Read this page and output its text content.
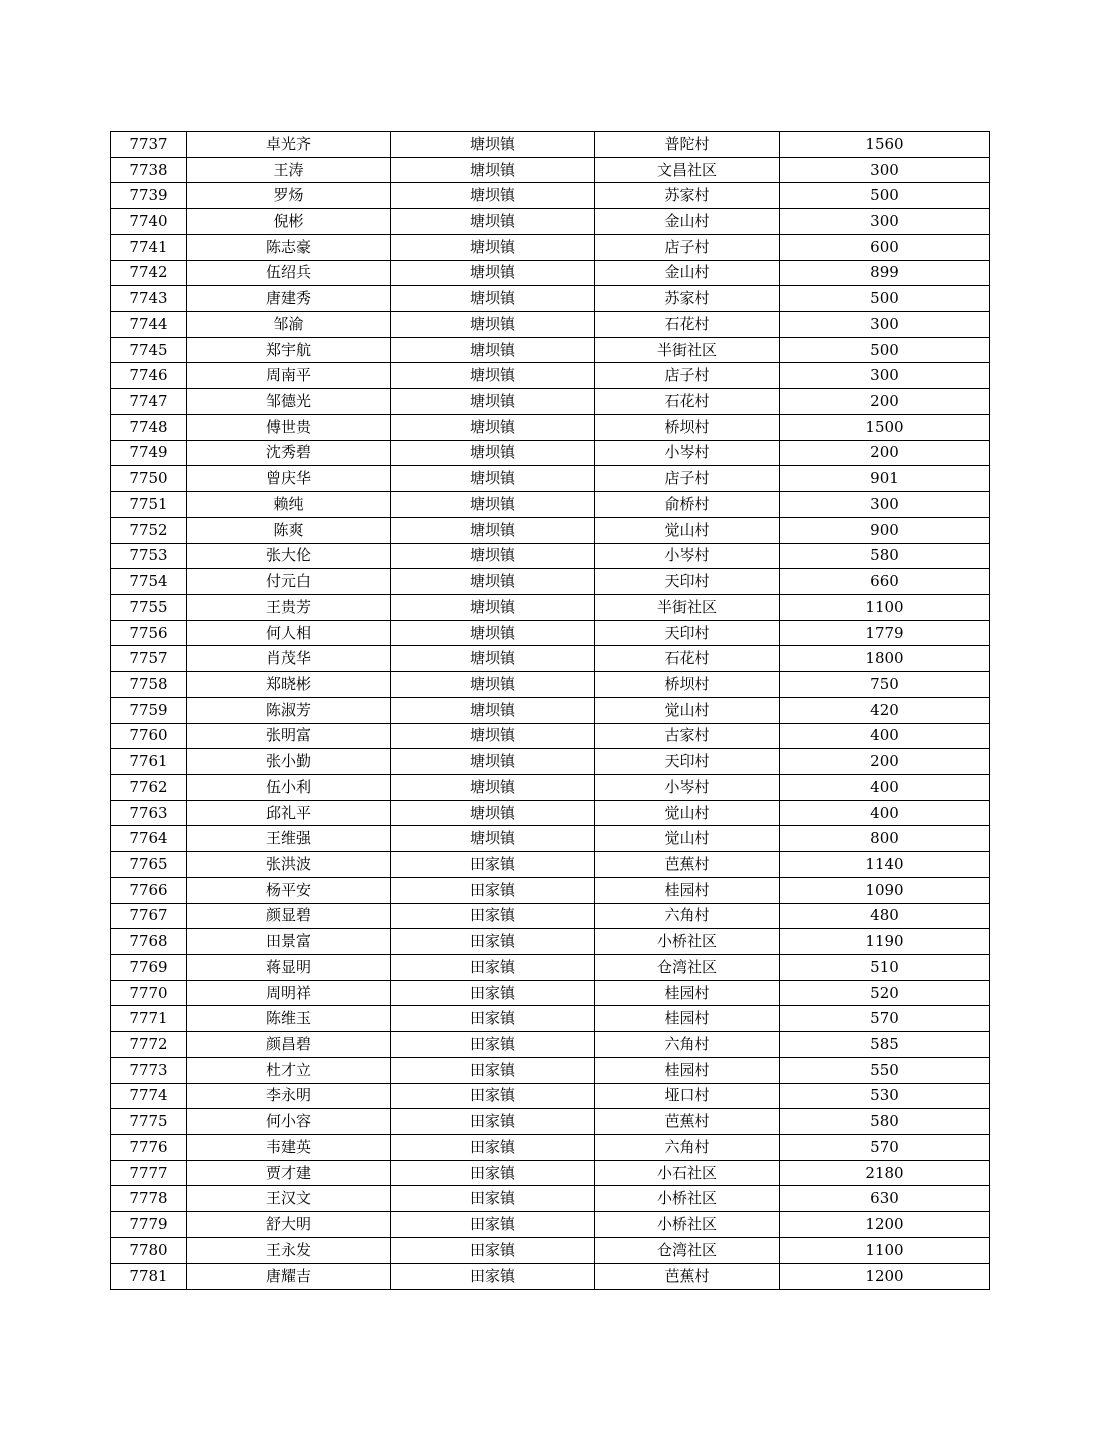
7737	卓光齐	塘坝镇	普陀村	1560
7738	王涛	塘坝镇	文昌社区	300
7739	罗炀	塘坝镇	苏家村	500
7740	倪彬	塘坝镇	金山村	300
7741	陈志豪	塘坝镇	店子村	600
7742	伍绍兵	塘坝镇	金山村	899
7743	唐建秀	塘坝镇	苏家村	500
7744	邹渝	塘坝镇	石花村	300
7745	郑宇航	塘坝镇	半街社区	500
7746	周南平	塘坝镇	店子村	300
7747	邹德光	塘坝镇	石花村	200
7748	傅世贵	塘坝镇	桥坝村	1500
7749	沈秀碧	塘坝镇	小岑村	200
7750	曾庆华	塘坝镇	店子村	901
7751	赖纯	塘坝镇	俞桥村	300
7752	陈爽	塘坝镇	觉山村	900
7753	张大伦	塘坝镇	小岑村	580
7754	付元白	塘坝镇	天印村	660
7755	王贵芳	塘坝镇	半街社区	1100
7756	何人相	塘坝镇	天印村	1779
7757	肖茂华	塘坝镇	石花村	1800
7758	郑晓彬	塘坝镇	桥坝村	750
7759	陈淑芳	塘坝镇	觉山村	420
7760	张明富	塘坝镇	古家村	400
7761	张小勤	塘坝镇	天印村	200
7762	伍小利	塘坝镇	小岑村	400
7763	邱礼平	塘坝镇	觉山村	400
7764	王维强	塘坝镇	觉山村	800
7765	张洪波	田家镇	芭蕉村	1140
7766	杨平安	田家镇	桂园村	1090
7767	颜显碧	田家镇	六角村	480
7768	田景富	田家镇	小桥社区	1190
7769	蒋显明	田家镇	仓湾社区	510
7770	周明祥	田家镇	桂园村	520
7771	陈维玉	田家镇	桂园村	570
7772	颜昌碧	田家镇	六角村	585
7773	杜才立	田家镇	桂园村	550
7774	李永明	田家镇	垭口村	530
7775	何小容	田家镇	芭蕉村	580
7776	韦建英	田家镇	六角村	570
7777	贾才建	田家镇	小石社区	2180
7778	王汉文	田家镇	小桥社区	630
7779	舒大明	田家镇	小桥社区	1200
7780	王永发	田家镇	仓湾社区	1100
7781	唐耀吉	田家镇	芭蕉村	1200
